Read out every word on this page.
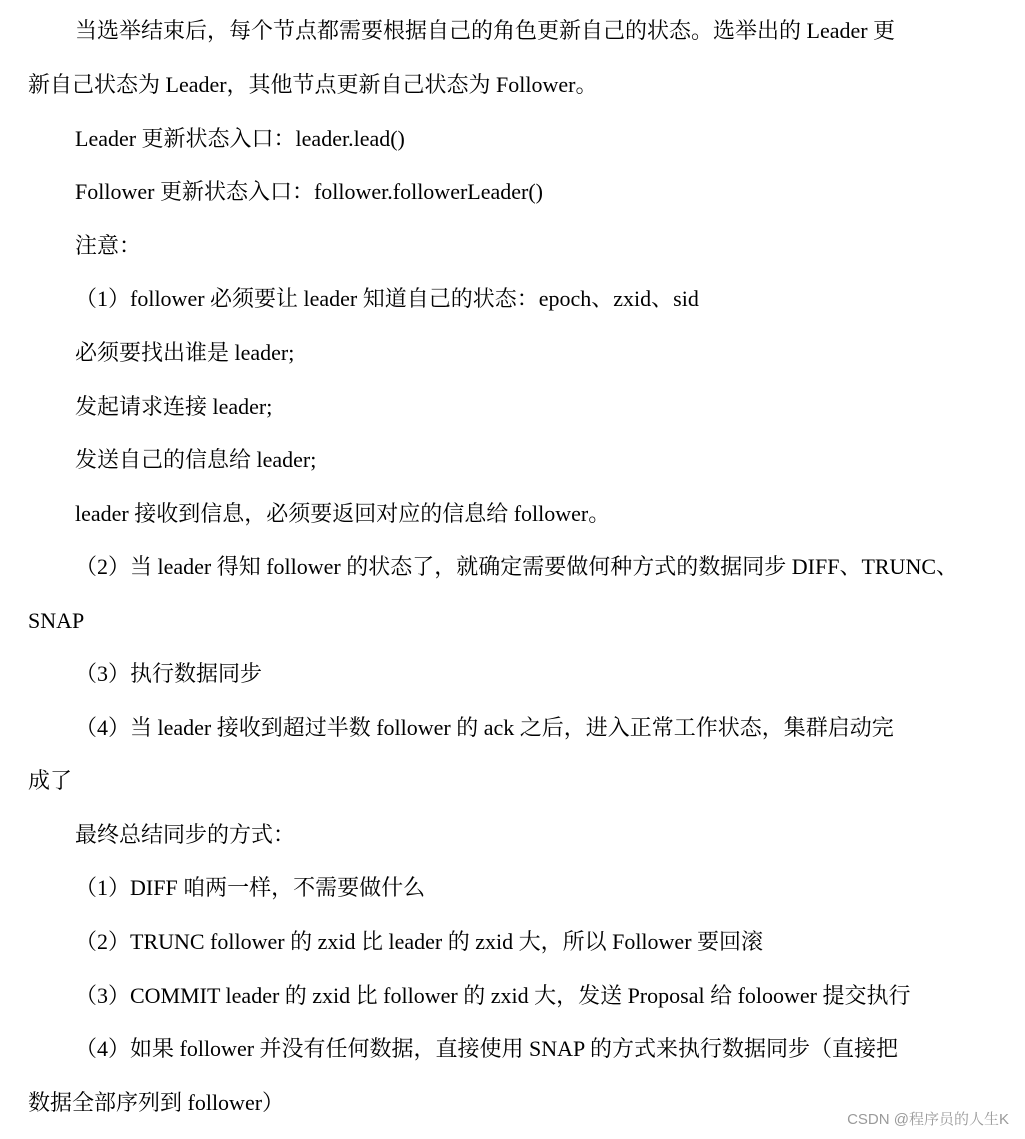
当选举结束后，每个节点都需要根据自己的角色更新自己的状态。选举出的 Leader 更
新自己状态为 Leader，其他节点更新自己状态为 Follower。
Leader 更新状态入口：leader.lead()
Follower 更新状态入口：follower.followerLeader()
注意：
（1）follower 必须要让 leader 知道自己的状态：epoch、zxid、sid
必须要找出谁是 leader;
发起请求连接 leader;
发送自己的信息给 leader;
leader 接收到信息，必须要返回对应的信息给 follower。
（2）当 leader 得知 follower 的状态了，就确定需要做何种方式的数据同步 DIFF、TRUNC、
SNAP
（3）执行数据同步
（4）当 leader 接收到超过半数 follower 的 ack 之后，进入正常工作状态，集群启动完
成了
最终总结同步的方式：
（1）DIFF 咱两一样，不需要做什么
（2）TRUNC follower 的 zxid 比 leader 的 zxid 大，所以 Follower 要回滚
（3）COMMIT leader 的 zxid 比 follower 的 zxid 大，发送 Proposal 给 foloower 提交执行
（4）如果 follower 并没有任何数据，直接使用 SNAP 的方式来执行数据同步（直接把
数据全部序列到 follower）
CSDN @程序员的人生K
